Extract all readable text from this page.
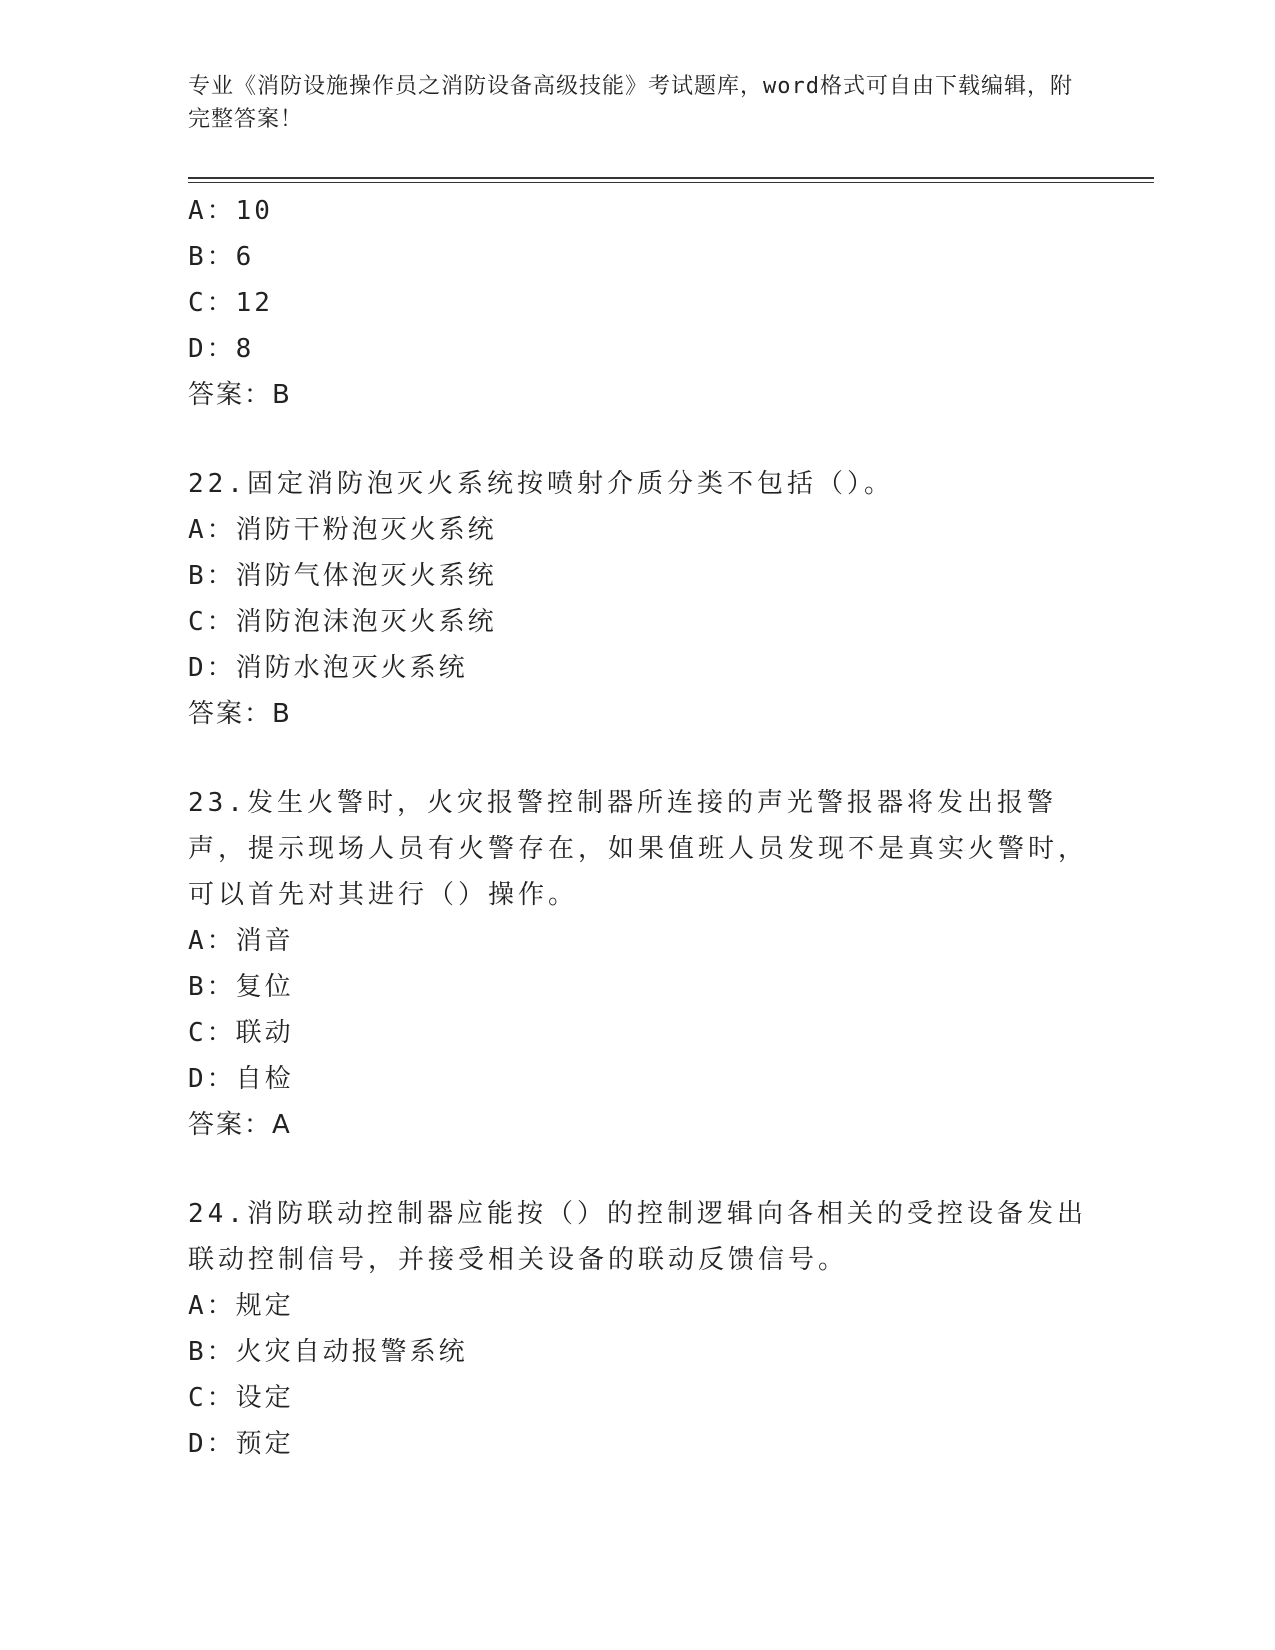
专业《消防设施操作员之消防设备高级技能》考试题库，word格式可自由下载编辑，附完整答案！
A：10
B：6
C：12
D：8
答案：B
22.固定消防泡灭火系统按喷射介质分类不包括（）。
A：消防干粉泡灭火系统
B：消防气体泡灭火系统
C：消防泡沫泡灭火系统
D：消防水泡灭火系统
答案：B
23.发生火警时，火灾报警控制器所连接的声光警报器将发出报警声，提示现场人员有火警存在，如果值班人员发现不是真实火警时，可以首先对其进行（）操作。
A：消音
B：复位
C：联动
D：自检
答案：A
24.消防联动控制器应能按（）的控制逻辑向各相关的受控设备发出联动控制信号，并接受相关设备的联动反馈信号。
A：规定
B：火灾自动报警系统
C：设定
D：预定
